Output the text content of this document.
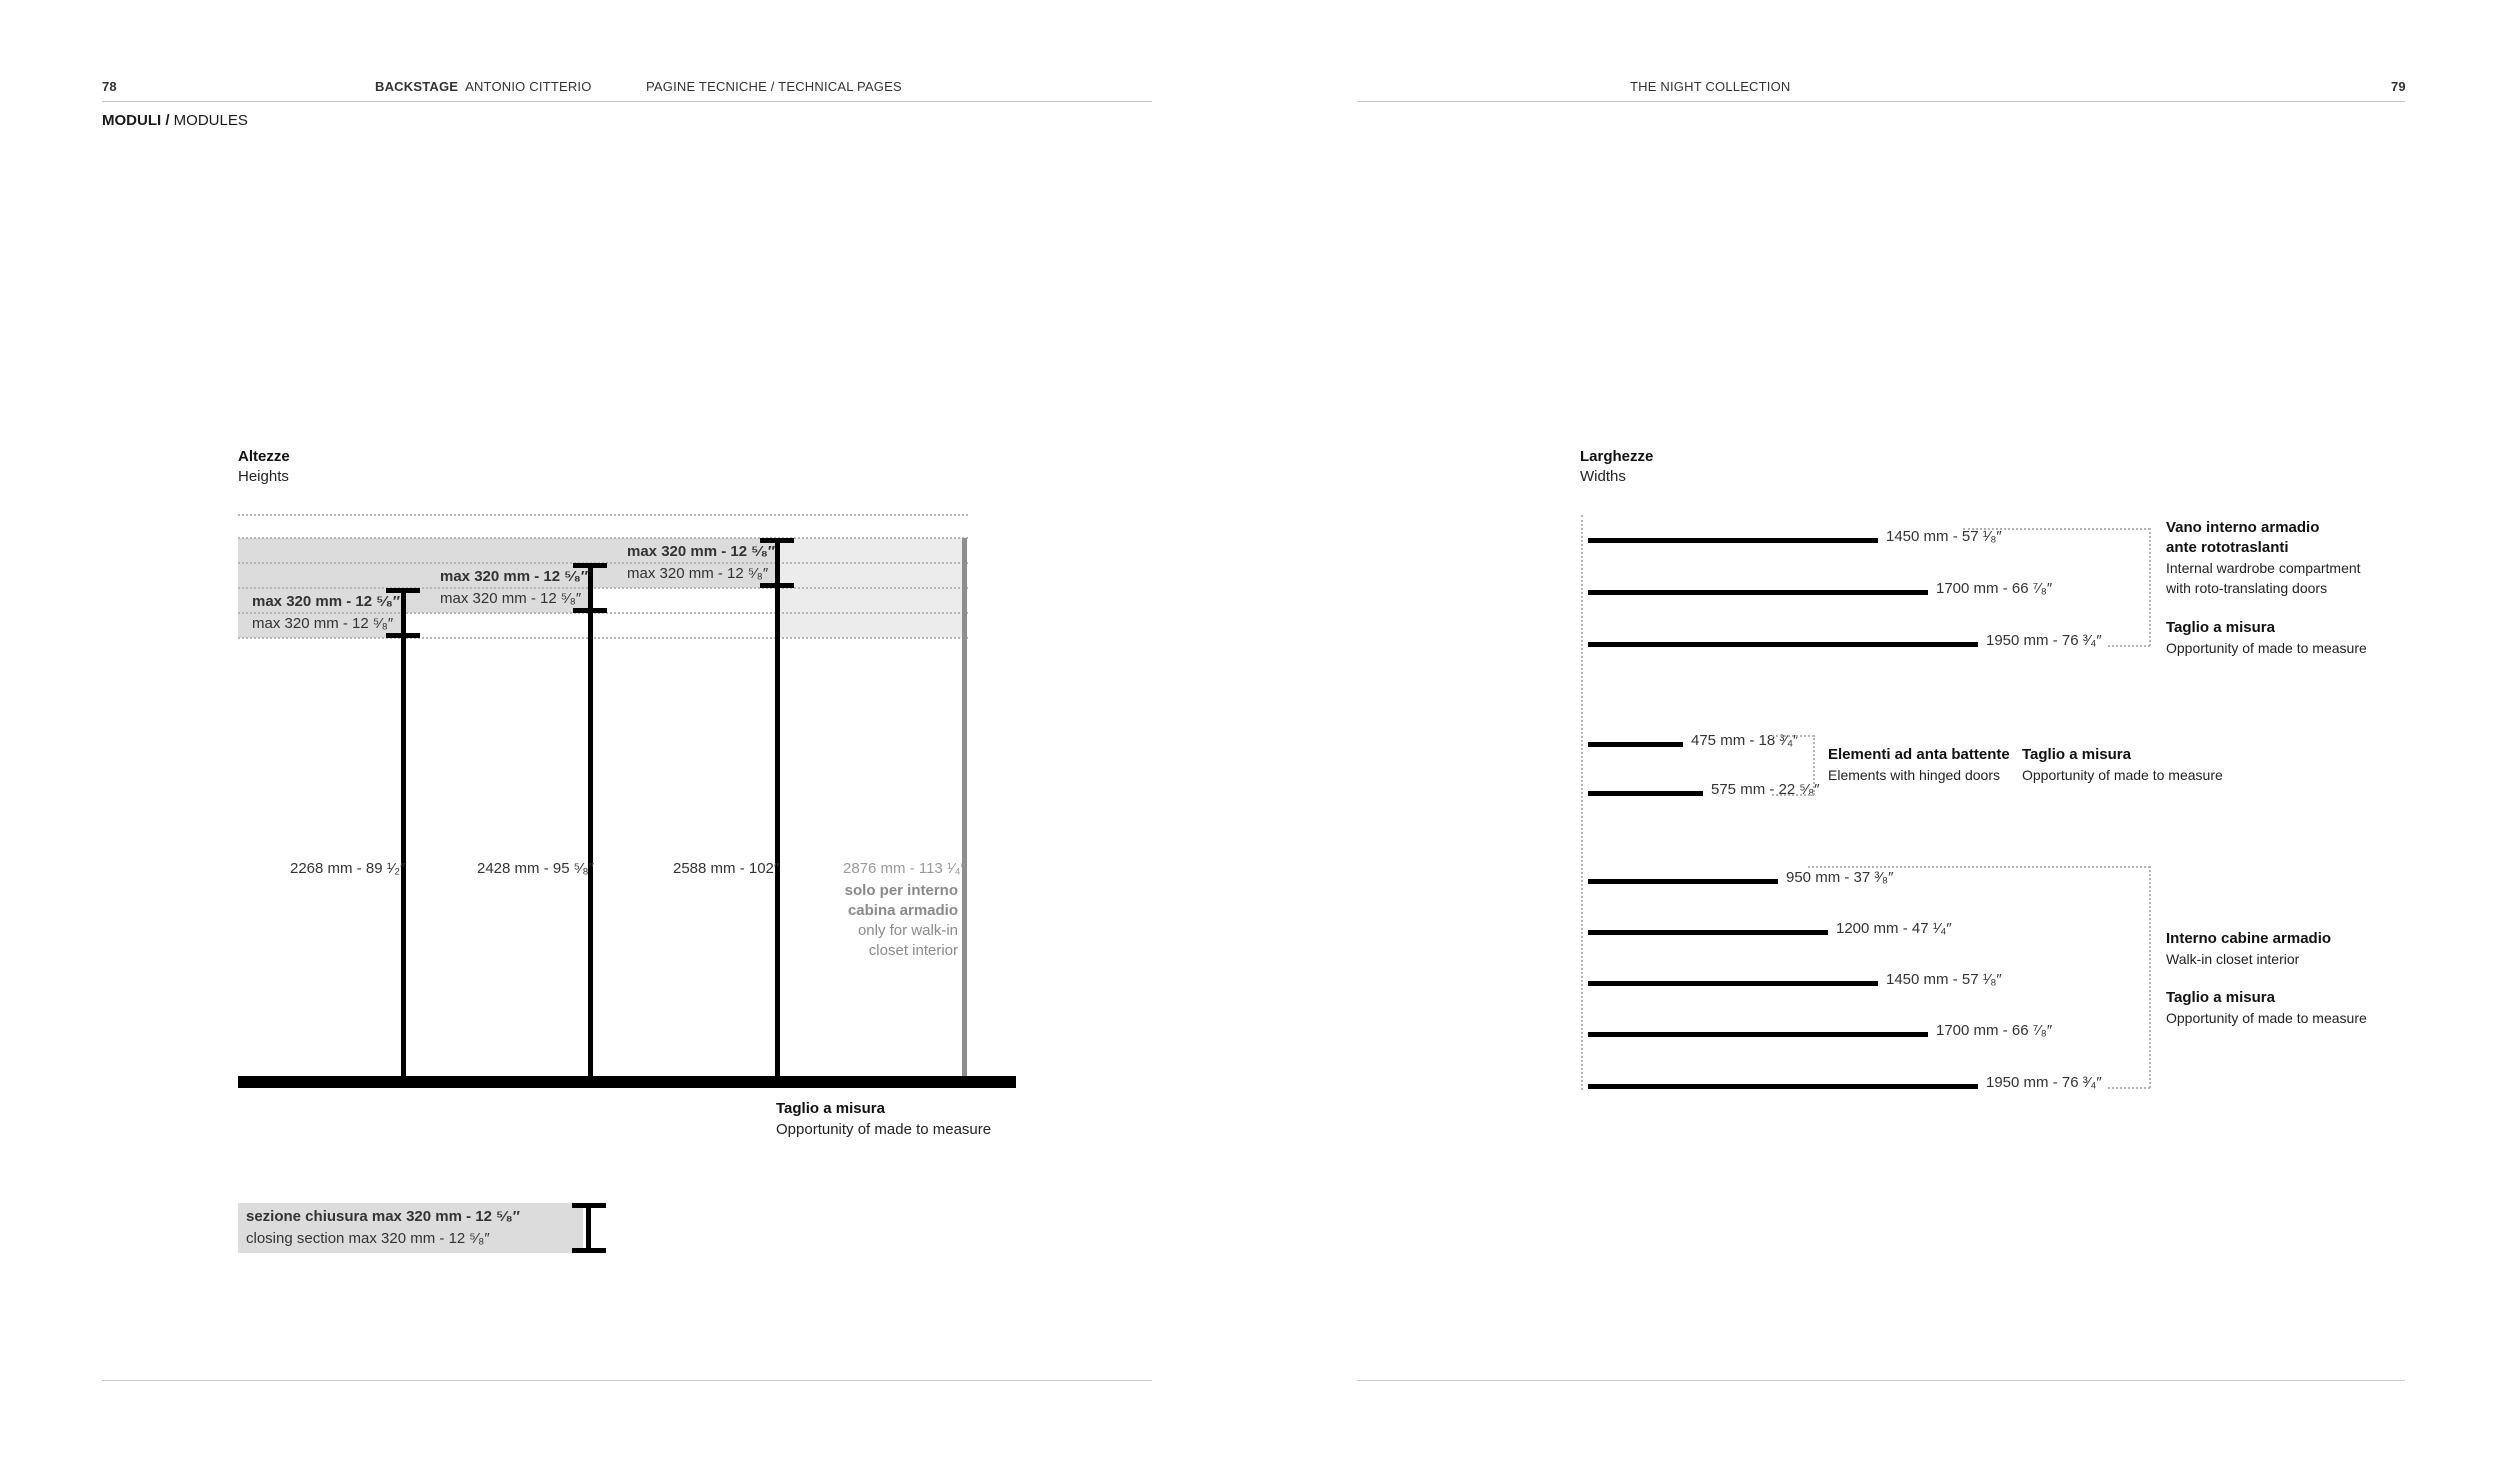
78	BACKSTAGE ANTONIO CITTERIO	PAGINE TECNICHE / TECHNICAL PAGES
MODULI / MODULES
THE NIGHT COLLECTION	79
Altezze
Heights
max 320 mm - 12 ⁵⁄₈″
max 320 mm - 12 ⁵⁄₈″
max 320 mm - 12 ⁵⁄₈″
max 320 mm - 12 ⁵⁄₈″
max 320 mm - 12 ⁵⁄₈″
max 320 mm - 12 ⁵⁄₈″
2268 mm - 89 ¹⁄₂″	2428 mm - 95 ⁵⁄₈″	2588 mm - 102″	2876 mm - 113 ¹⁄₄″
solo per interno
cabina armadio
only for walk-in
closet interior
Taglio a misura
Opportunity of made to measure
sezione chiusura max 320 mm - 12 ⁵⁄₈″
closing section max 320 mm - 12 ⁵⁄₈″
Larghezze
Widths
1450 mm - 57 ¹⁄₈″
1700 mm - 66 ⁷⁄₈″
1950 mm - 76 ³⁄₄″
475 mm - 18 ³⁄₄″
575 mm - 22 ⁵⁄₈″
950 mm - 37 ³⁄₈″
1200 mm - 47 ¹⁄₄″
1450 mm - 57 ¹⁄₈″
1700 mm - 66 ⁷⁄₈″
1950 mm - 76 ³⁄₄″
Vano interno armadio
ante rototraslanti
Internal wardrobe compartment
with roto-translating doors
Taglio a misura
Opportunity of made to measure
Elementi ad anta battente
Elements with hinged doors
Taglio a misura
Opportunity of made to measure
Interno cabine armadio
Walk-in closet interior
Taglio a misura
Opportunity of made to measure
